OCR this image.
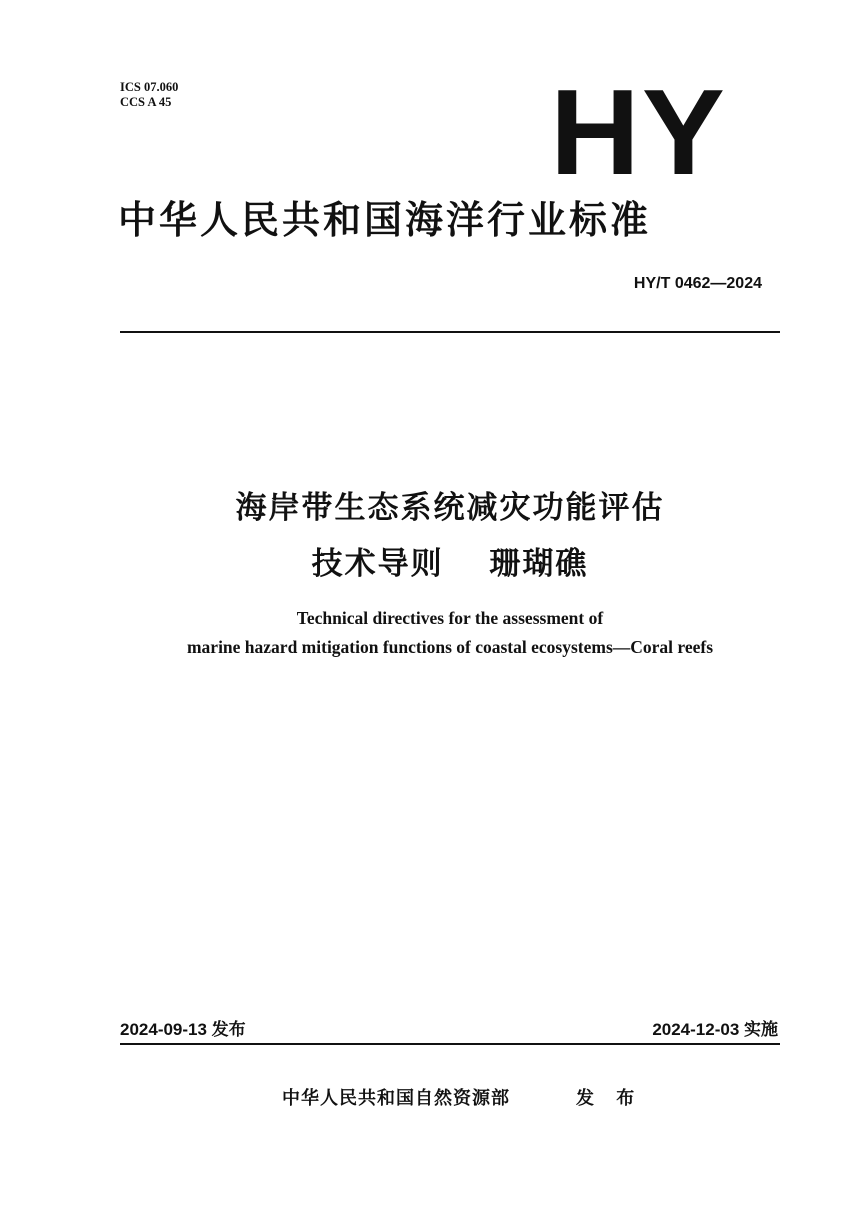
ICS 07.060
CCS A 45	HY
中华人民共和国海洋行业标准
HY/T 0462—2024
海岸带生态系统减灾功能评估
技术导则　 珊瑚礁
Technical directives for the assessment of
marine hazard mitigation functions of coastal ecosystems—Coral reefs
2024-09-13 发布	2024-12-03 实施
中华人民共和国自然资源部	发 布
